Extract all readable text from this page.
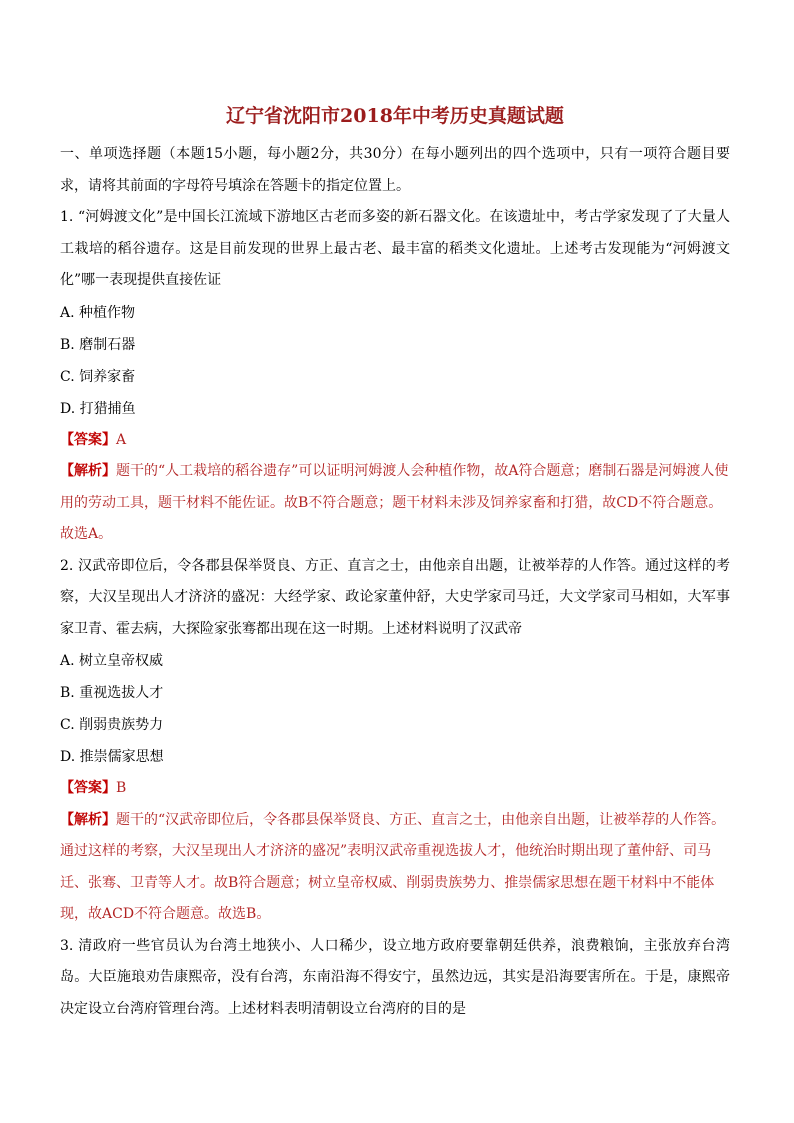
辽宁省沈阳市2018年中考历史真题试题

一、单项选择题（本题15小题，每小题2分，共30分）在每小题列出的四个选项中，只有一项符合题目要求，请将其前面的字母符号填涂在答题卡的指定位置上。

1. “河姆渡文化”是中国长江流域下游地区古老而多姿的新石器文化。在该遗址中，考古学家发现了了大量人工栽培的稻谷遗存。这是目前发现的世界上最古老、最丰富的稻类文化遗址。上述考古发现能为“河姆渡文化”哪一表现提供直接佐证

A. 种植作物

B. 磨制石器

C. 饲养家畜

D. 打猎捕鱼

【答案】A

【解析】题干的“人工栽培的稻谷遗存”可以证明河姆渡人会种植作物，故A符合题意；磨制石器是河姆渡人使用的劳动工具，题干材料不能佐证。故B不符合题意；题干材料未涉及饲养家畜和打猎，故CD不符合题意。故选A。

2. 汉武帝即位后，令各郡县保举贤良、方正、直言之士，由他亲自出题，让被举荐的人作答。通过这样的考察，大汉呈现出人才济济的盛况：大经学家、政论家董仲舒，大史学家司马迁，大文学家司马相如，大军事家卫青、霍去病，大探险家张骞都出现在这一时期。上述材料说明了汉武帝

A. 树立皇帝权威

B. 重视选拔人才

C. 削弱贵族势力

D. 推崇儒家思想

【答案】B

【解析】题干的“汉武帝即位后，令各郡县保举贤良、方正、直言之士，由他亲自出题，让被举荐的人作答。通过这样的考察，大汉呈现出人才济济的盛况”表明汉武帝重视选拔人才，他统治时期出现了董仲舒、司马迁、张骞、卫青等人才。故B符合题意；树立皇帝权威、削弱贵族势力、推崇儒家思想在题干材料中不能体现，故ACD不符合题意。故选B。

3. 清政府一些官员认为台湾土地狭小、人口稀少，设立地方政府要靠朝廷供养，浪费粮饷，主张放弃台湾岛。大臣施琅劝告康熙帝，没有台湾，东南沿海不得安宁，虽然边远，其实是沿海要害所在。于是，康熙帝决定设立台湾府管理台湾。上述材料表明清朝设立台湾府的目的是
